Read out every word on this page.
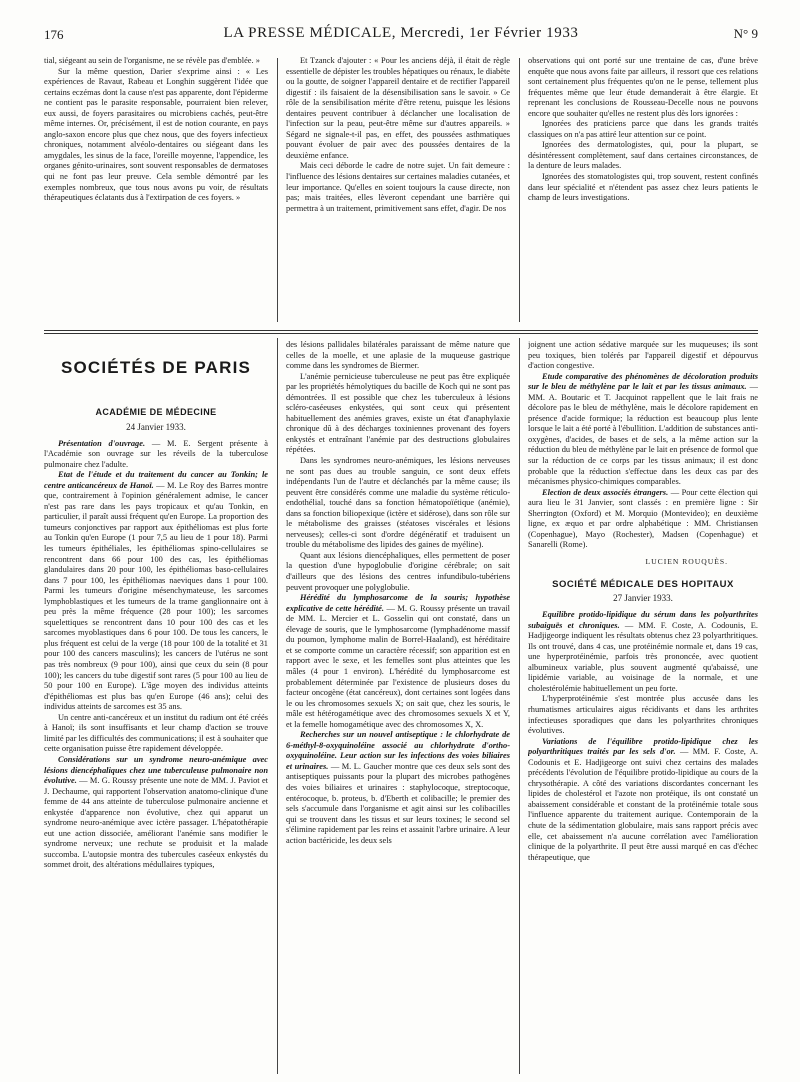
176	LA PRESSE MÉDICALE, Mercredi, 1er Février 1933	N° 9

tial, siégeant au sein de l'organisme, ne se révèle pas d'emblée. »

Sur la même question, Darier s'exprime ainsi : « Les expériences de Ravaut, Rabeau et Longhin suggèrent l'idée que certains eczémas dont la cause n'est pas apparente, dont l'épiderme ne contient pas le parasite responsable, pourraient bien relever, eux aussi, de foyers parasitaires ou microbiens cachés, peut-être même internes. Or, précisément, il est de notion courante, en pays anglo-saxon encore plus que chez nous, que des foyers infectieux chroniques, notamment alvéolo-dentaires ou siégeant dans les amygdales, les sinus de la face, l'oreille moyenne, l'appendice, les organes génito-urinaires, sont souvent responsables de dermatoses qui ne font pas leur preuve. Cela semble démontré par les exemples nombreux, que tous nous avons pu voir, de résultats thérapeutiques éclatants dus à l'extirpation de ces foyers. »

Et Tzanck d'ajouter : « Pour les anciens déjà, il était de règle essentielle de dépister les troubles hépatiques ou rénaux, le diabète ou la goutte, de soigner l'appareil dentaire et de rectifier l'appareil digestif : ils faisaient de la désensibilisation sans le savoir. » Ce rôle de la sensibilisation mérite d'être retenu, puisque les lésions dentaires peuvent contribuer à déclancher une localisation de l'infection sur la peau, peut-être même sur d'autres appareils. » Ségard ne signale-t-il pas, en effet, des poussées asthmatiques pouvant évoluer de pair avec des poussées dentaires de la deuxième enfance.

Mais ceci déborde le cadre de notre sujet. Un fait demeure : l'influence des lésions dentaires sur certaines maladies cutanées, et leur importance. Qu'elles en soient toujours la cause directe, non pas; mais traitées, elles lèveront cependant une barrière qui permettra à un traitement, primitivement sans effet, d'agir. De nos

observations qui ont porté sur une trentaine de cas, d'une brève enquête que nous avons faite par ailleurs, il ressort que ces relations sont certainement plus fréquentes qu'on ne le pense, tellement plus fréquentes même que leur étude demanderait à être élargie. Et reprenant les conclusions de Rousseau-Decelle nous ne pouvons encore que souhaiter qu'elles ne restent plus dès lors ignorées :

Ignorées des praticiens parce que dans les grands traités classiques on n'a pas attiré leur attention sur ce point.

Ignorées des dermatologistes, qui, pour la plupart, se désintéressent complètement, sauf dans certaines circonstances, de la denture de leurs malades.

Ignorées des stomatologistes qui, trop souvent, restent confinés dans leur spécialité et n'étendent pas assez chez leurs patients le champ de leurs investigations.

SOCIÉTÉS DE PARIS
ACADÉMIE DE MÉDECINE
24 Janvier 1933.

Présentation d'ouvrage. — M. E. Sergent présente à l'Académie son ouvrage sur les réveils de la tuberculose pulmonaire chez l'adulte.

Etat de l'étude et du traitement du cancer au Tonkin; le centre anticancéreux de Hanoï. — M. Le Roy des Barres montre que, contrairement à l'opinion généralement admise, le cancer n'est pas rare dans les pays tropicaux et qu'au Tonkin, en particulier, il paraît aussi fréquent qu'en Europe. La proportion des tumeurs conjonctives par rapport aux épithéliomas est plus forte au Tonkin qu'en Europe (1 pour 7,5 au lieu de 1 pour 18). Parmi les tumeurs épithéliales, les épithéliomas spino-cellulaires se rencontrent dans 66 pour 100 des cas, les épithéliomas glandulaires dans 20 pour 100, les épithéliomas baso-cellulaires dans 7 pour 100, les épithéliomas naeviques dans 1 pour 100. Parmi les tumeurs d'origine mésenchymateuse, les sarcomes lymphoblastiques et les tumeurs de la trame ganglionnaire ont à peu près la même fréquence (28 pour 100); les sarcomes squelettiques se rencontrent dans 10 pour 100 des cas et les sarcomes myoblastiques dans 6 pour 100. De tous les cancers, le plus fréquent est celui de la verge (18 pour 100 de la totalité et 31 pour 100 des cancers masculins); les cancers de l'utérus ne sont pas très nombreux (9 pour 100), ainsi que ceux du sein (8 pour 100); les cancers du tube digestif sont rares (5 pour 100 au lieu de 50 pour 100 en Europe). L'âge moyen des individus atteints d'épithéliomas est plus bas qu'en Europe (46 ans); celui des individus atteints de sarcomes est 35 ans.

Un centre anti-cancéreux et un institut du radium ont été créés à Hanoï; ils sont insuffisants et leur champ d'action se trouve limité par les difficultés des communications; il est à souhaiter que cette organisation puisse être rapidement développée.

Considérations sur un syndrome neuro-anémique avec lésions diencéphaliques chez une tuberculeuse pulmonaire non évolutive. — M. G. Roussy présente une note de MM. J. Paviot et J. Dechaume, qui rapportent l'observation anatomo-clinique d'une femme de 44 ans atteinte de tuberculose pulmonaire ancienne et enkystée d'apparence non évolutive, chez qui apparut un syndrome neuro-anémique avec ictère passager. L'hépatothérapie eut une action dissociée, améliorant l'anémie sans modifier le syndrome nerveux; une rechute se produisit et la malade succomba. L'autopsie montra des tubercules caséeux enkystés du sommet droit, des altérations médullaires typiques,

des lésions pallidales bilatérales paraissant de même nature que celles de la moelle, et une aplasie de la muqueuse gastrique comme dans les syndromes de Biermer.

L'anémie pernicieuse tuberculeuse ne peut pas être expliquée par les propriétés hémolytiques du bacille de Koch qui ne sont pas démontrées. Il est possible que chez les tuberculeux à lésions scléro-caséeuses enkystées, qui sont ceux qui présentent habituellement des anémies graves, existe un état d'anaphylaxie chronique dû à des décharges toxiniennes provenant des foyers enkystés et entraînant l'anémie par des destructions globulaires répétées.

Dans les syndromes neuro-anémiques, les lésions nerveuses ne sont pas dues au trouble sanguin, ce sont deux effets indépendants l'un de l'autre et déclanchés par la même cause; ils peuvent être considérés comme une maladie du système réticulo-endothélial, touché dans sa fonction hématopoïétique (anémie), dans sa fonction biliopexique (ictère et sidérose), dans son rôle sur le métabolisme des graisses (stéatoses viscérales et lésions nerveuses); celles-ci sont d'ordre dégénératif et traduisent un trouble du métabolisme des lipides des gaines de myéline).

Quant aux lésions diencéphaliques, elles permettent de poser la question d'une hypoglobulie d'origine cérébrale; on sait d'ailleurs que des lésions des centres infundibulo-tubériens peuvent provoquer une polyglobulie.

Hérédité du lymphosarcome de la souris; hypothèse explicative de cette hérédité. — M. G. Roussy présente un travail de MM. L. Mercier et L. Gosselin qui ont constaté, dans un élevage de souris, que le lymphosarcome (lymphadénome massif du poumon, lymphome malin de Borrel-Haaland), est héréditaire et se comporte comme un caractère récessif; son apparition est en rapport avec le sexe, et les femelles sont plus atteintes que les mâles (4 pour 1 environ). L'hérédité du lymphosarcome est probablement déterminée par l'existence de plusieurs doses du facteur oncogène (état cancéreux), dont certaines sont logées dans le ou les chromosomes sexuels X; on sait que, chez les souris, le mâle est hétérogamétique avec des chromosomes sexuels X et Y, et la femelle homogamétique avec des chromosomes X, X.

Recherches sur un nouvel antiseptique : le chlorhydrate de 6-méthyl-8-oxyquinoléine associé au chlorhydrate d'ortho-oxyquinoléine. Leur action sur les infections des voies biliaires et urinaires. — M. L. Gaucher montre que ces deux sels sont des antiseptiques puissants pour la plupart des microbes pathogènes des voies biliaires et urinaires : staphylocoque, streptocoque, entérocoque, b. proteus, b. d'Eberth et colibacille; le premier des sels s'accumule dans l'organisme et agit ainsi sur les colibacilles qui se trouvent dans les tissus et sur leurs toxines; le second sel s'élimine rapidement par les reins et assainit l'arbre urinaire. A leur action bactéricide, les deux sels

joignent une action sédative marquée sur les muqueuses; ils sont peu toxiques, bien tolérés par l'appareil digestif et dépourvus d'action congestive.

Etude comparative des phénomènes de décoloration produits sur le bleu de méthylène par le lait et par les tissus animaux. — MM. A. Boutaric et T. Jacquinot rappellent que le lait frais ne décolore pas le bleu de méthylène, mais le décolore rapidement en présence d'acide formique; la réduction est beaucoup plus lente lorsque le lait a été porté à l'ébullition. L'addition de substances anti-oxygènes, d'acides, de bases et de sels, a la même action sur la réduction du bleu de méthylène par le lait en présence de formol que sur la réduction de ce corps par les tissus animaux; il est donc probable que la réduction s'effectue dans les deux cas par des mécanismes physico-chimiques comparables.

Election de deux associés étrangers. — Pour cette élection qui aura lieu le 31 Janvier, sont classés : en première ligne : Sir Sherrington (Oxford) et M. Morquio (Montevideo); en deuxième ligne, ex æquo et par ordre alphabétique : MM. Christiansen (Copenhague), Mayo (Rochester), Madsen (Copenhague) et Sanarelli (Rome).

LUCIEN ROUQUÈS.
SOCIÉTÉ MÉDICALE DES HOPITAUX
27 Janvier 1933.

Equilibre protido-lipidique du sérum dans les polyarthrites subaiguës et chroniques. — MM. F. Coste, A. Codounis, E. Hadjigeorge indiquent les résultats obtenus chez 23 polyarthritiques. Ils ont trouvé, dans 4 cas, une protéinémie normale et, dans 19 cas, une hyperprotéinémie, parfois très prononcée, avec quotient albumineux variable, plus souvent augmenté qu'abaissé, une lipidémie variable, au voisinage de la normale, et une cholestérolémie habituellement un peu forte.

L'hyperprotéinémie s'est montrée plus accusée dans les rhumatismes articulaires aigus récidivants et dans les arthrites infectieuses sporadiques que dans les polyarthrites chroniques évolutives.

Variations de l'équilibre protido-lipidique chez les polyarthritiques traités par les sels d'or. — MM. F. Coste, A. Codounis et E. Hadjigeorge ont suivi chez certains des malades précédents l'évolution de l'équilibre protido-lipidique au cours de la chrysothérapie. A côté des variations discordantes concernant les lipides de cholestérol et l'azote non protéique, ils ont constaté un abaissement considérable et constant de la protéinémie totale sous l'influence apparente du traitement aurique. Contemporain de la chute de la sédimentation globulaire, mais sans rapport précis avec elle, cet abaissement n'a aucune corrélation avec l'amélioration clinique de la polyarthrite. Il peut être aussi marqué en cas d'échec thérapeutique, que
